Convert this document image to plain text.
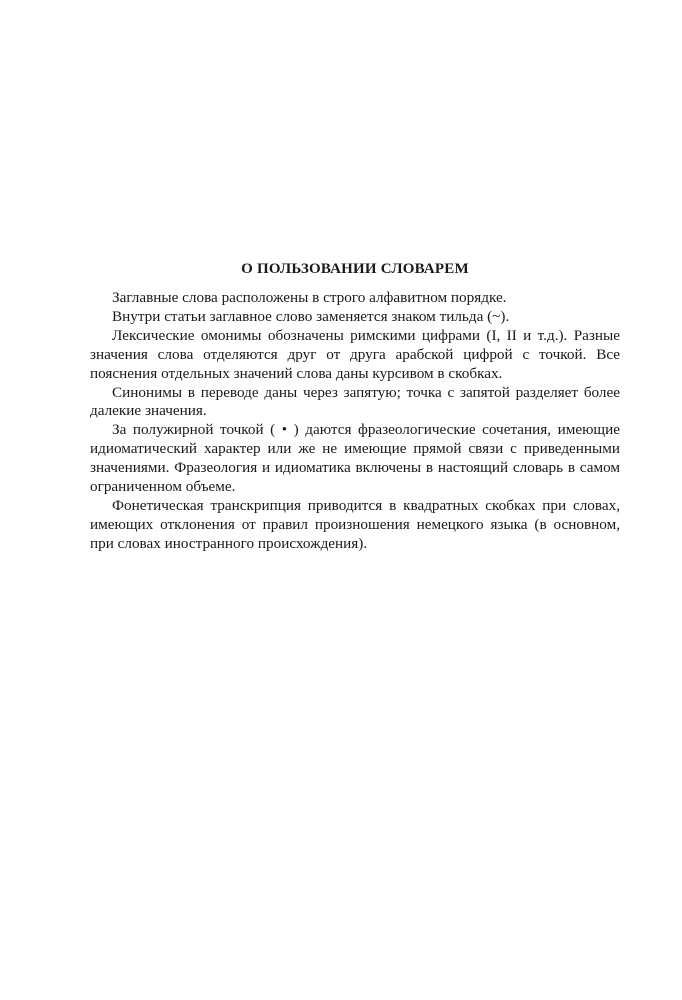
О ПОЛЬЗОВАНИИ СЛОВАРЕМ

Заглавные слова расположены в строго алфавитном порядке.

Внутри статьи заглавное слово заменяется знаком тильда (~).

Лексические омонимы обозначены римскими цифрами (I, II и т.д.). Разные значения слова отделяются друг от друга арабской цифрой с точкой. Все пояснения отдельных значений слова даны курсивом в скобках.

Синонимы в переводе даны через запятую; точка с запятой разделяет более далекие значения.

За полужирной точкой ( • ) даются фразеологические сочетания, имеющие идиоматический характер или же не имеющие прямой связи с приведенными значениями. Фразеология и идиоматика включены в настоящий словарь в самом ограниченном объеме.

Фонетическая транскрипция приводится в квадратных скобках при словах, имеющих отклонения от правил произношения немецкого языка (в основном, при словах иностранного происхождения).
